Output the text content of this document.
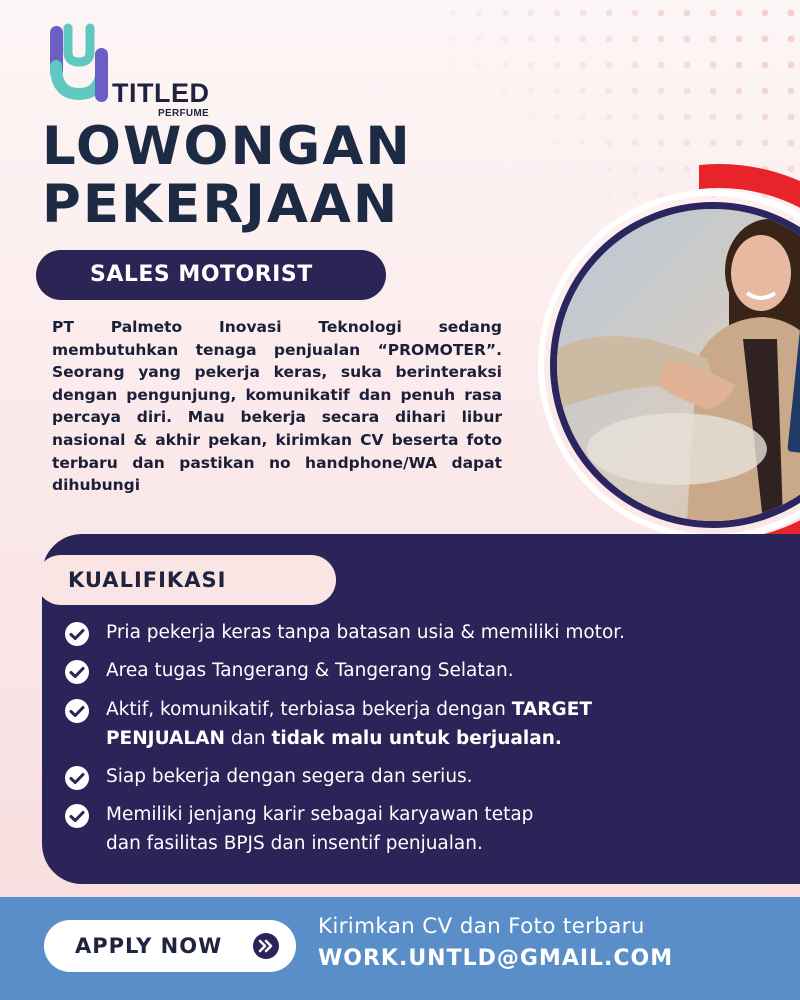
TITLED
PERFUME
LOWONGAN
PEKERJAAN
SALES MOTORIST

PT Palmeto Inovasi Teknologi sedang membutuhkan tenaga penjualan “PROMOTER”. Seorang yang pekerja keras, suka berinteraksi dengan pengunjung, komunikatif dan penuh rasa percaya diri. Mau bekerja secara dihari libur nasional & akhir pekan, kirimkan CV beserta foto terbaru dan pastikan no handphone/WA dapat dihubungi

KUALIFIKASI
Pria pekerja keras tanpa batasan usia & memiliki motor.
Area tugas Tangerang & Tangerang Selatan.
Aktif, komunikatif, terbiasa bekerja dengan TARGET PENJUALAN dan tidak malu untuk berjualan.
Siap bekerja dengan segera dan serius.
Memiliki jenjang karir sebagai karyawan tetap
dan fasilitas BPJS dan insentif penjualan.
APPLY NOW
Kirimkan CV dan Foto terbaru
WORK.UNTLD@GMAIL.COM
